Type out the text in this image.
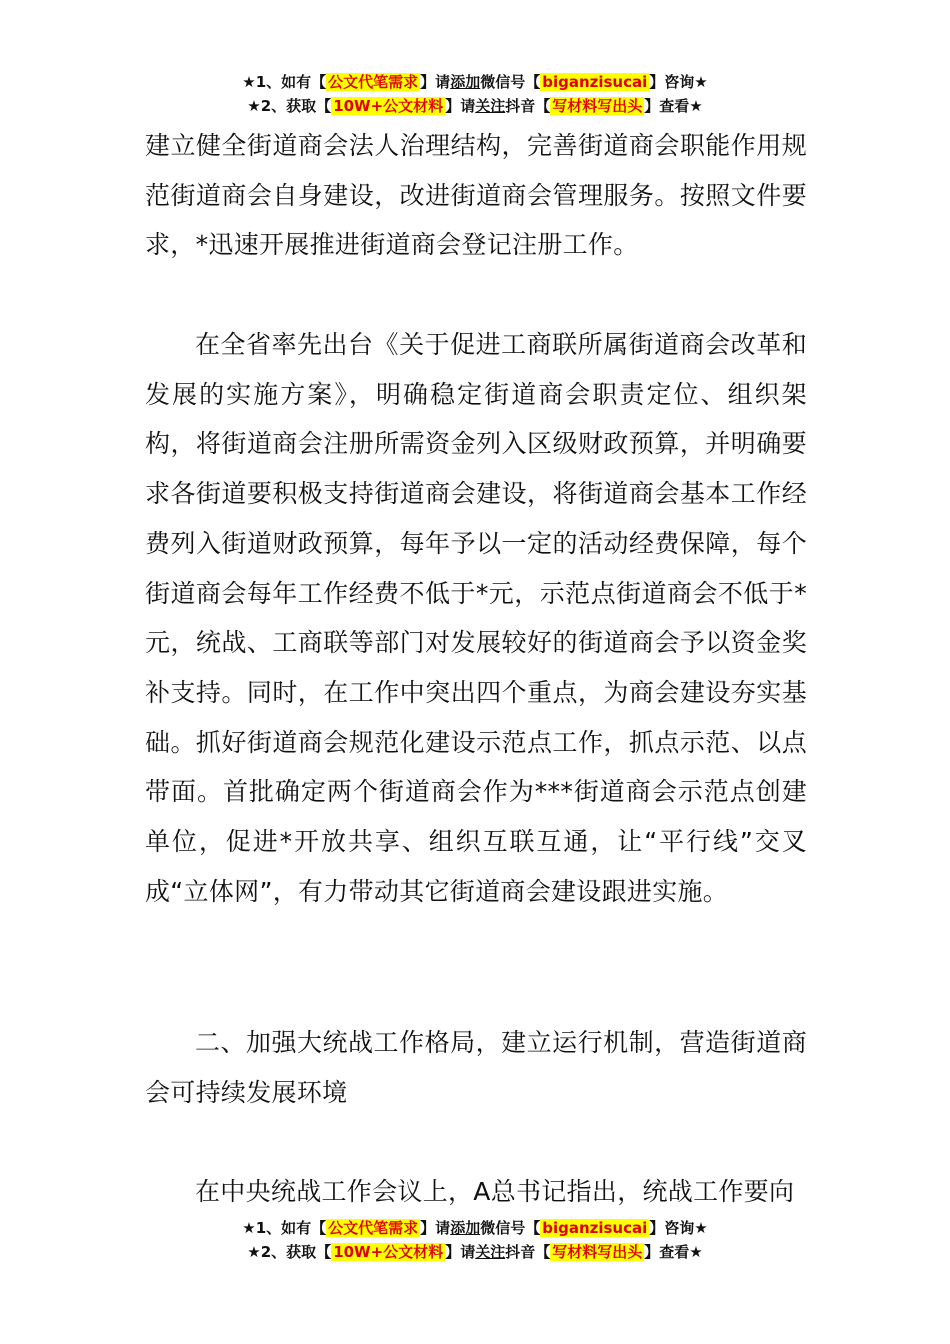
★1、如有【 公文代笔需求 】请添加微信号【 biganzisucai 】咨询★
★2、获取【 10W+公文材料 】请关注抖音【 写材料写出头 】查看★

建立健全街道商会法人治理结构，完善街道商会职能作用规范街道商会自身建设，改进街道商会管理服务。按照文件要求，*迅速开展推进街道商会登记注册工作。

在全省率先出台《关于促进工商联所属街道商会改革和发展的实施方案》，明确稳定街道商会职责定位、组织架构，将街道商会注册所需资金列入区级财政预算，并明确要求各街道要积极支持街道商会建设，将街道商会基本工作经费列入街道财政预算，每年予以一定的活动经费保障，每个街道商会每年工作经费不低于*元，示范点街道商会不低于*元，统战、工商联等部门对发展较好的街道商会予以资金奖补支持。同时，在工作中突出四个重点，为商会建设夯实基础。抓好街道商会规范化建设示范点工作，抓点示范、以点带面。首批确定两个街道商会作为***街道商会示范点创建单位，促进*开放共享、组织互联互通，让“平行线”交叉成“立体网”，有力带动其它街道商会建设跟进实施。

二、加强大统战工作格局，建立运行机制，营造街道商会可持续发展环境

在中央统战工作会议上，A总书记指出，统战工作要向

★1、如有【 公文代笔需求 】请添加微信号【 biganzisucai 】咨询★
★2、获取【 10W+公文材料 】请关注抖音【 写材料写出头 】查看★
